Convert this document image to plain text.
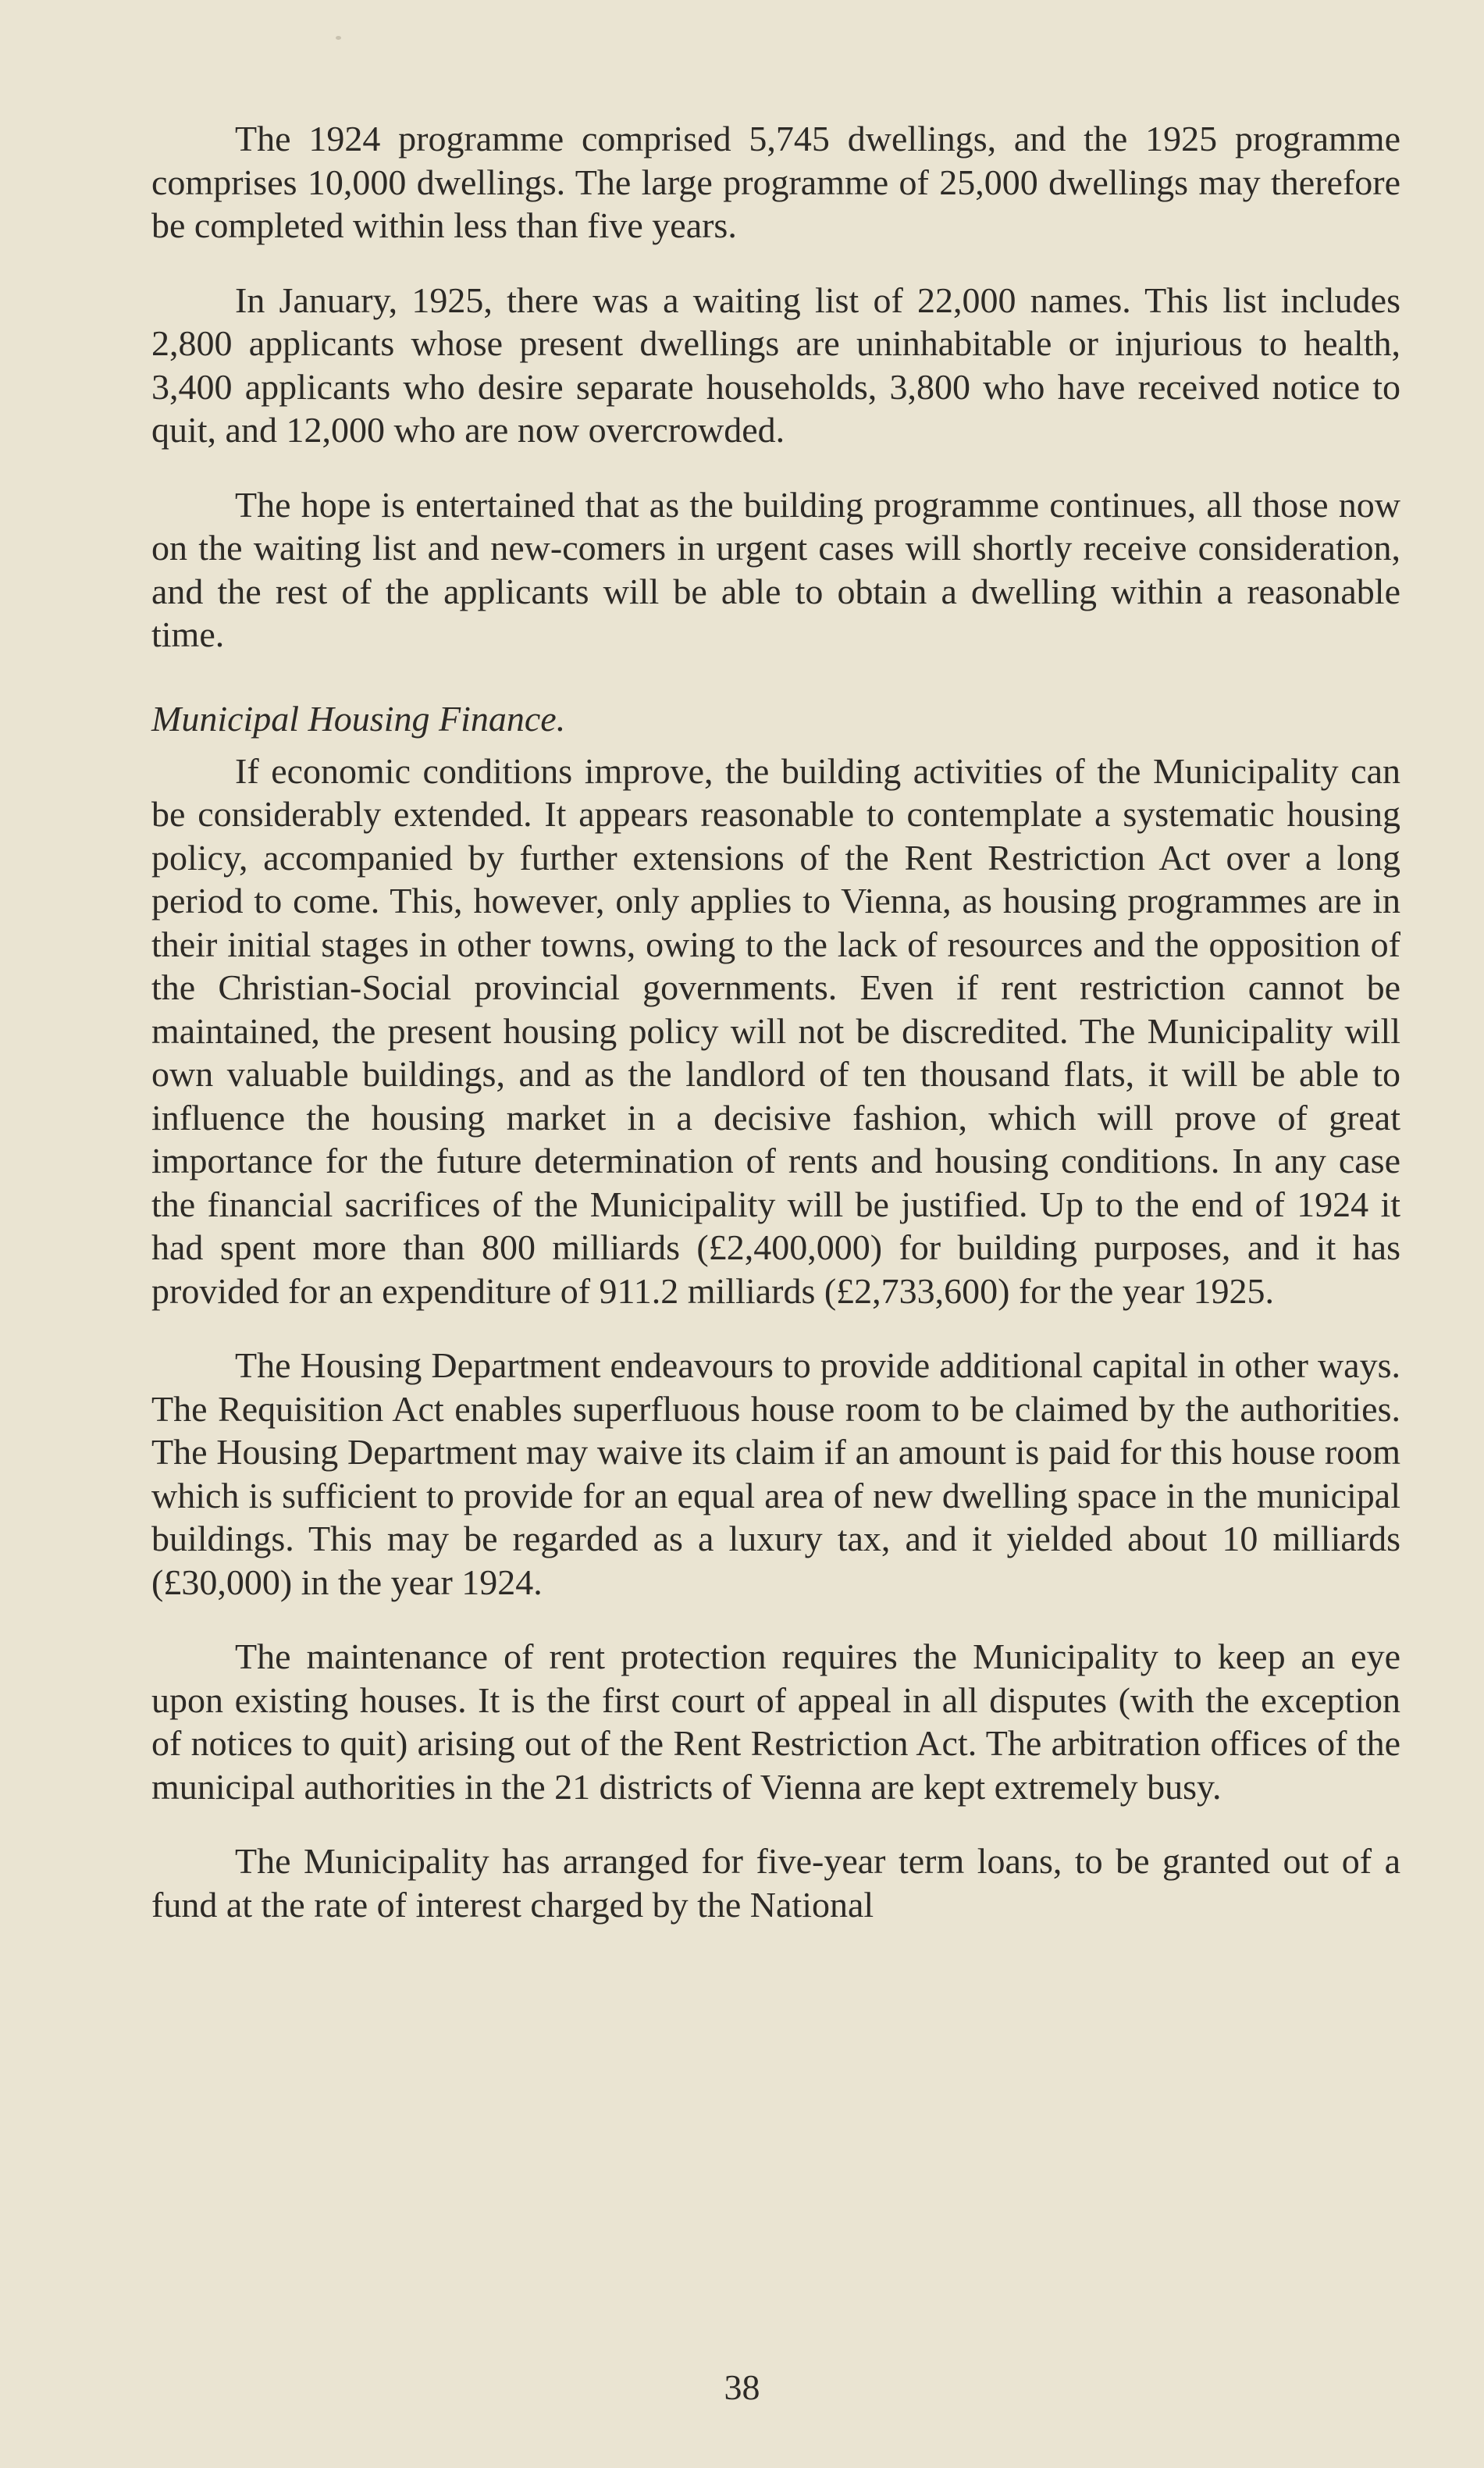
The 1924 programme comprised 5,745 dwellings, and the 1925 programme comprises 10,000 dwellings. The large programme of 25,000 dwellings may therefore be completed within less than five years.

In January, 1925, there was a waiting list of 22,000 names. This list includes 2,800 applicants whose present dwellings are uninhabitable or injurious to health, 3,400 applicants who desire separate households, 3,800 who have received notice to quit, and 12,000 who are now overcrowded.

The hope is entertained that as the building programme continues, all those now on the waiting list and new-comers in urgent cases will shortly receive consideration, and the rest of the applicants will be able to obtain a dwelling within a reasonable time.

Municipal Housing Finance.

If economic conditions improve, the building activities of the Municipality can be considerably extended. It appears reasonable to contemplate a systematic housing policy, accompanied by further extensions of the Rent Restriction Act over a long period to come. This, however, only applies to Vienna, as housing programmes are in their initial stages in other towns, owing to the lack of resources and the opposition of the Christian-Social provincial governments. Even if rent restriction cannot be maintained, the present housing policy will not be discredited. The Municipality will own valuable buildings, and as the landlord of ten thousand flats, it will be able to influence the housing market in a decisive fashion, which will prove of great importance for the future determination of rents and housing conditions. In any case the financial sacrifices of the Municipality will be justified. Up to the end of 1924 it had spent more than 800 milliards (£2,400,000) for building purposes, and it has provided for an expenditure of 911.2 milliards (£2,733,600) for the year 1925.

The Housing Department endeavours to provide additional capital in other ways. The Requisition Act enables superfluous house room to be claimed by the authorities. The Housing Department may waive its claim if an amount is paid for this house room which is sufficient to provide for an equal area of new dwelling space in the municipal buildings. This may be regarded as a luxury tax, and it yielded about 10 milliards (£30,000) in the year 1924.

The maintenance of rent protection requires the Municipality to keep an eye upon existing houses. It is the first court of appeal in all disputes (with the exception of notices to quit) arising out of the Rent Restriction Act. The arbitration offices of the municipal authorities in the 21 districts of Vienna are kept extremely busy.

The Municipality has arranged for five-year term loans, to be granted out of a fund at the rate of interest charged by the National

38
